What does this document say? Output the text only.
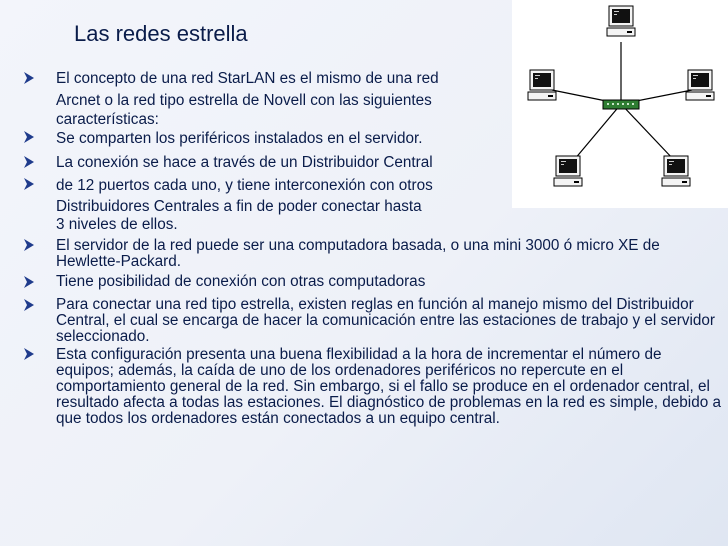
Las redes estrella
El concepto de una red StarLAN es el mismo de una red
Arcnet o la red tipo estrella de Novell con las siguientes
características:
Se comparten los periféricos instalados en el servidor.
La conexión se hace a través de un Distribuidor Central
de 12 puertos cada uno, y tiene interconexión con otros
Distribuidores Centrales a fin de poder conectar hasta
3 niveles de ellos.
El servidor de la red puede ser una computadora basada, o una mini 3000 ó micro XE de Hewlette-Packard.
Tiene posibilidad de conexión con otras computadoras
Para conectar una red tipo estrella, existen reglas en función al manejo mismo del Distribuidor Central, el cual se encarga de hacer la comunicación entre las estaciones de trabajo y el servidor seleccionado.
Esta configuración presenta una buena flexibilidad a la hora de incrementar el número de equipos; además, la caída de uno de los ordenadores periféricos no repercute en el comportamiento general de la red. Sin embargo, si el fallo se produce en el ordenador central, el resultado afecta a todas las estaciones. El diagnóstico de problemas en la red es simple, debido a que todos los ordenadores están conectados a un equipo central.
